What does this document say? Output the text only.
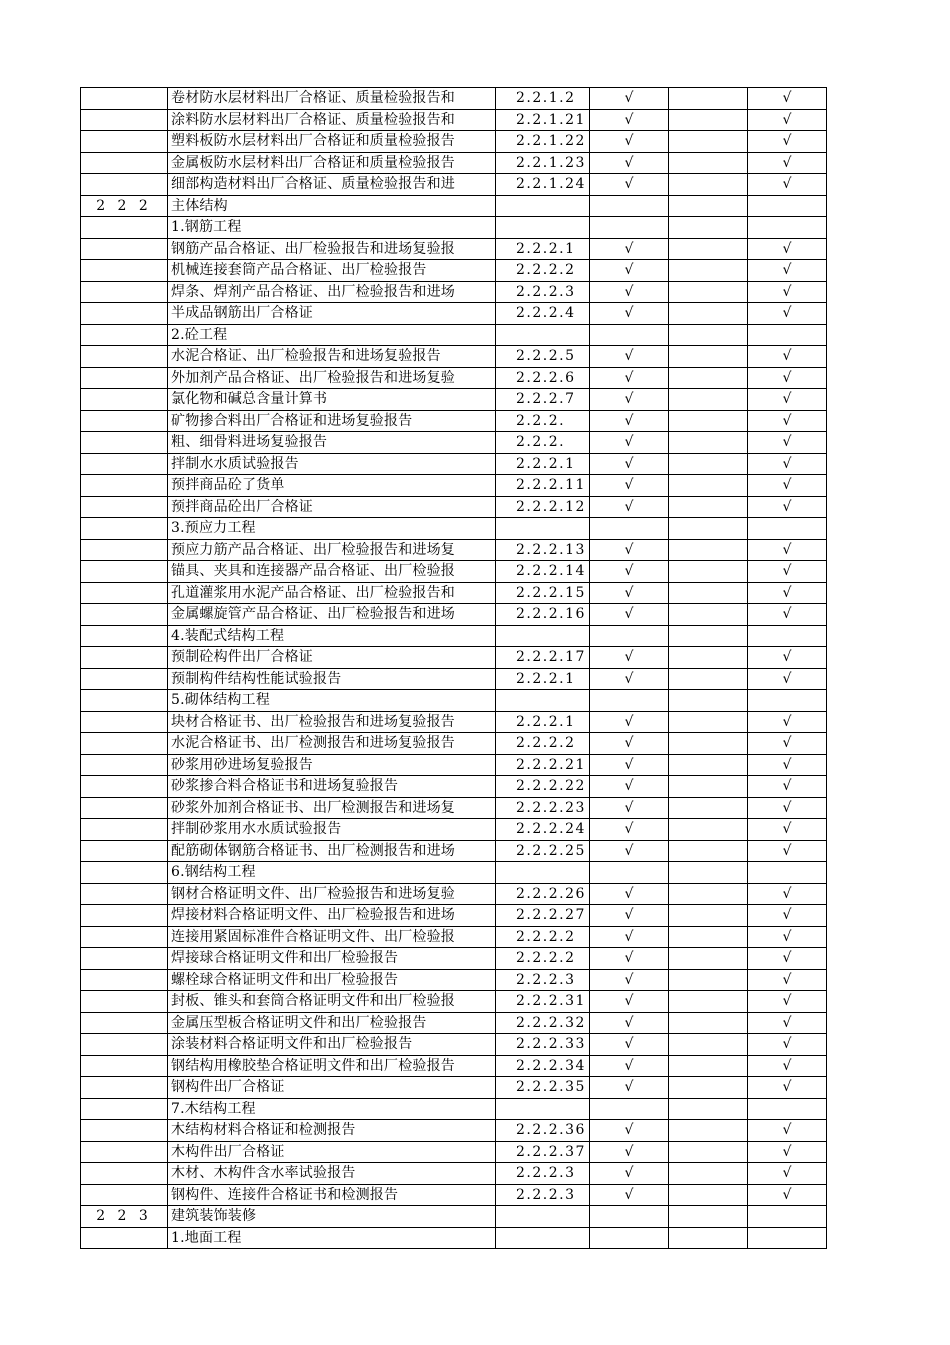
	卷材防水层材料出厂合格证、质量检验报告和	2.2.1.2	√		√
	涂料防水层材料出厂合格证、质量检验报告和	2.2.1.21	√		√
	塑料板防水层材料出厂合格证和质量检验报告	2.2.1.22	√		√
	金属板防水层材料出厂合格证和质量检验报告	2.2.1.23	√		√
	细部构造材料出厂合格证、质量检验报告和进	2.2.1.24	√		√
2 2 2	主体结构				
	1.钢筋工程				
	钢筋产品合格证、出厂检验报告和进场复验报	2.2.2.1	√		√
	机械连接套筒产品合格证、出厂检验报告	2.2.2.2	√		√
	焊条、焊剂产品合格证、出厂检验报告和进场	2.2.2.3	√		√
	半成品钢筋出厂合格证	2.2.2.4	√		√
	2.砼工程				
	水泥合格证、出厂检验报告和进场复验报告	2.2.2.5	√		√
	外加剂产品合格证、出厂检验报告和进场复验	2.2.2.6	√		√
	氯化物和碱总含量计算书	2.2.2.7	√		√
	矿物掺合料出厂合格证和进场复验报告	2.2.2.	√		√
	粗、细骨料进场复验报告	2.2.2.	√		√
	拌制水水质试验报告	2.2.2.1	√		√
	预拌商品砼了货单	2.2.2.11	√		√
	预拌商品砼出厂合格证	2.2.2.12	√		√
	3.预应力工程				
	预应力筋产品合格证、出厂检验报告和进场复	2.2.2.13	√		√
	锚具、夹具和连接器产品合格证、出厂检验报	2.2.2.14	√		√
	孔道灌浆用水泥产品合格证、出厂检验报告和	2.2.2.15	√		√
	金属螺旋管产品合格证、出厂检验报告和进场	2.2.2.16	√		√
	4.装配式结构工程				
	预制砼构件出厂合格证	2.2.2.17	√		√
	预制构件结构性能试验报告	2.2.2.1	√		√
	5.砌体结构工程				
	块材合格证书、出厂检验报告和进场复验报告	2.2.2.1	√		√
	水泥合格证书、出厂检测报告和进场复验报告	2.2.2.2	√		√
	砂浆用砂进场复验报告	2.2.2.21	√		√
	砂浆掺合料合格证书和进场复验报告	2.2.2.22	√		√
	砂浆外加剂合格证书、出厂检测报告和进场复	2.2.2.23	√		√
	拌制砂浆用水水质试验报告	2.2.2.24	√		√
	配筋砌体钢筋合格证书、出厂检测报告和进场	2.2.2.25	√		√
	6.钢结构工程				
	钢材合格证明文件、出厂检验报告和进场复验	2.2.2.26	√		√
	焊接材料合格证明文件、出厂检验报告和进场	2.2.2.27	√		√
	连接用紧固标准件合格证明文件、出厂检验报	2.2.2.2	√		√
	焊接球合格证明文件和出厂检验报告	2.2.2.2	√		√
	螺栓球合格证明文件和出厂检验报告	2.2.2.3	√		√
	封板、锥头和套筒合格证明文件和出厂检验报	2.2.2.31	√		√
	金属压型板合格证明文件和出厂检验报告	2.2.2.32	√		√
	涂装材料合格证明文件和出厂检验报告	2.2.2.33	√		√
	钢结构用橡胶垫合格证明文件和出厂检验报告	2.2.2.34	√		√
	钢构件出厂合格证	2.2.2.35	√		√
	7.木结构工程				
	木结构材料合格证和检测报告	2.2.2.36	√		√
	木构件出厂合格证	2.2.2.37	√		√
	木材、木构件含水率试验报告	2.2.2.3	√		√
	钢构件、连接件合格证书和检测报告	2.2.2.3	√		√
2 2 3	建筑装饰装修				
	1.地面工程				
